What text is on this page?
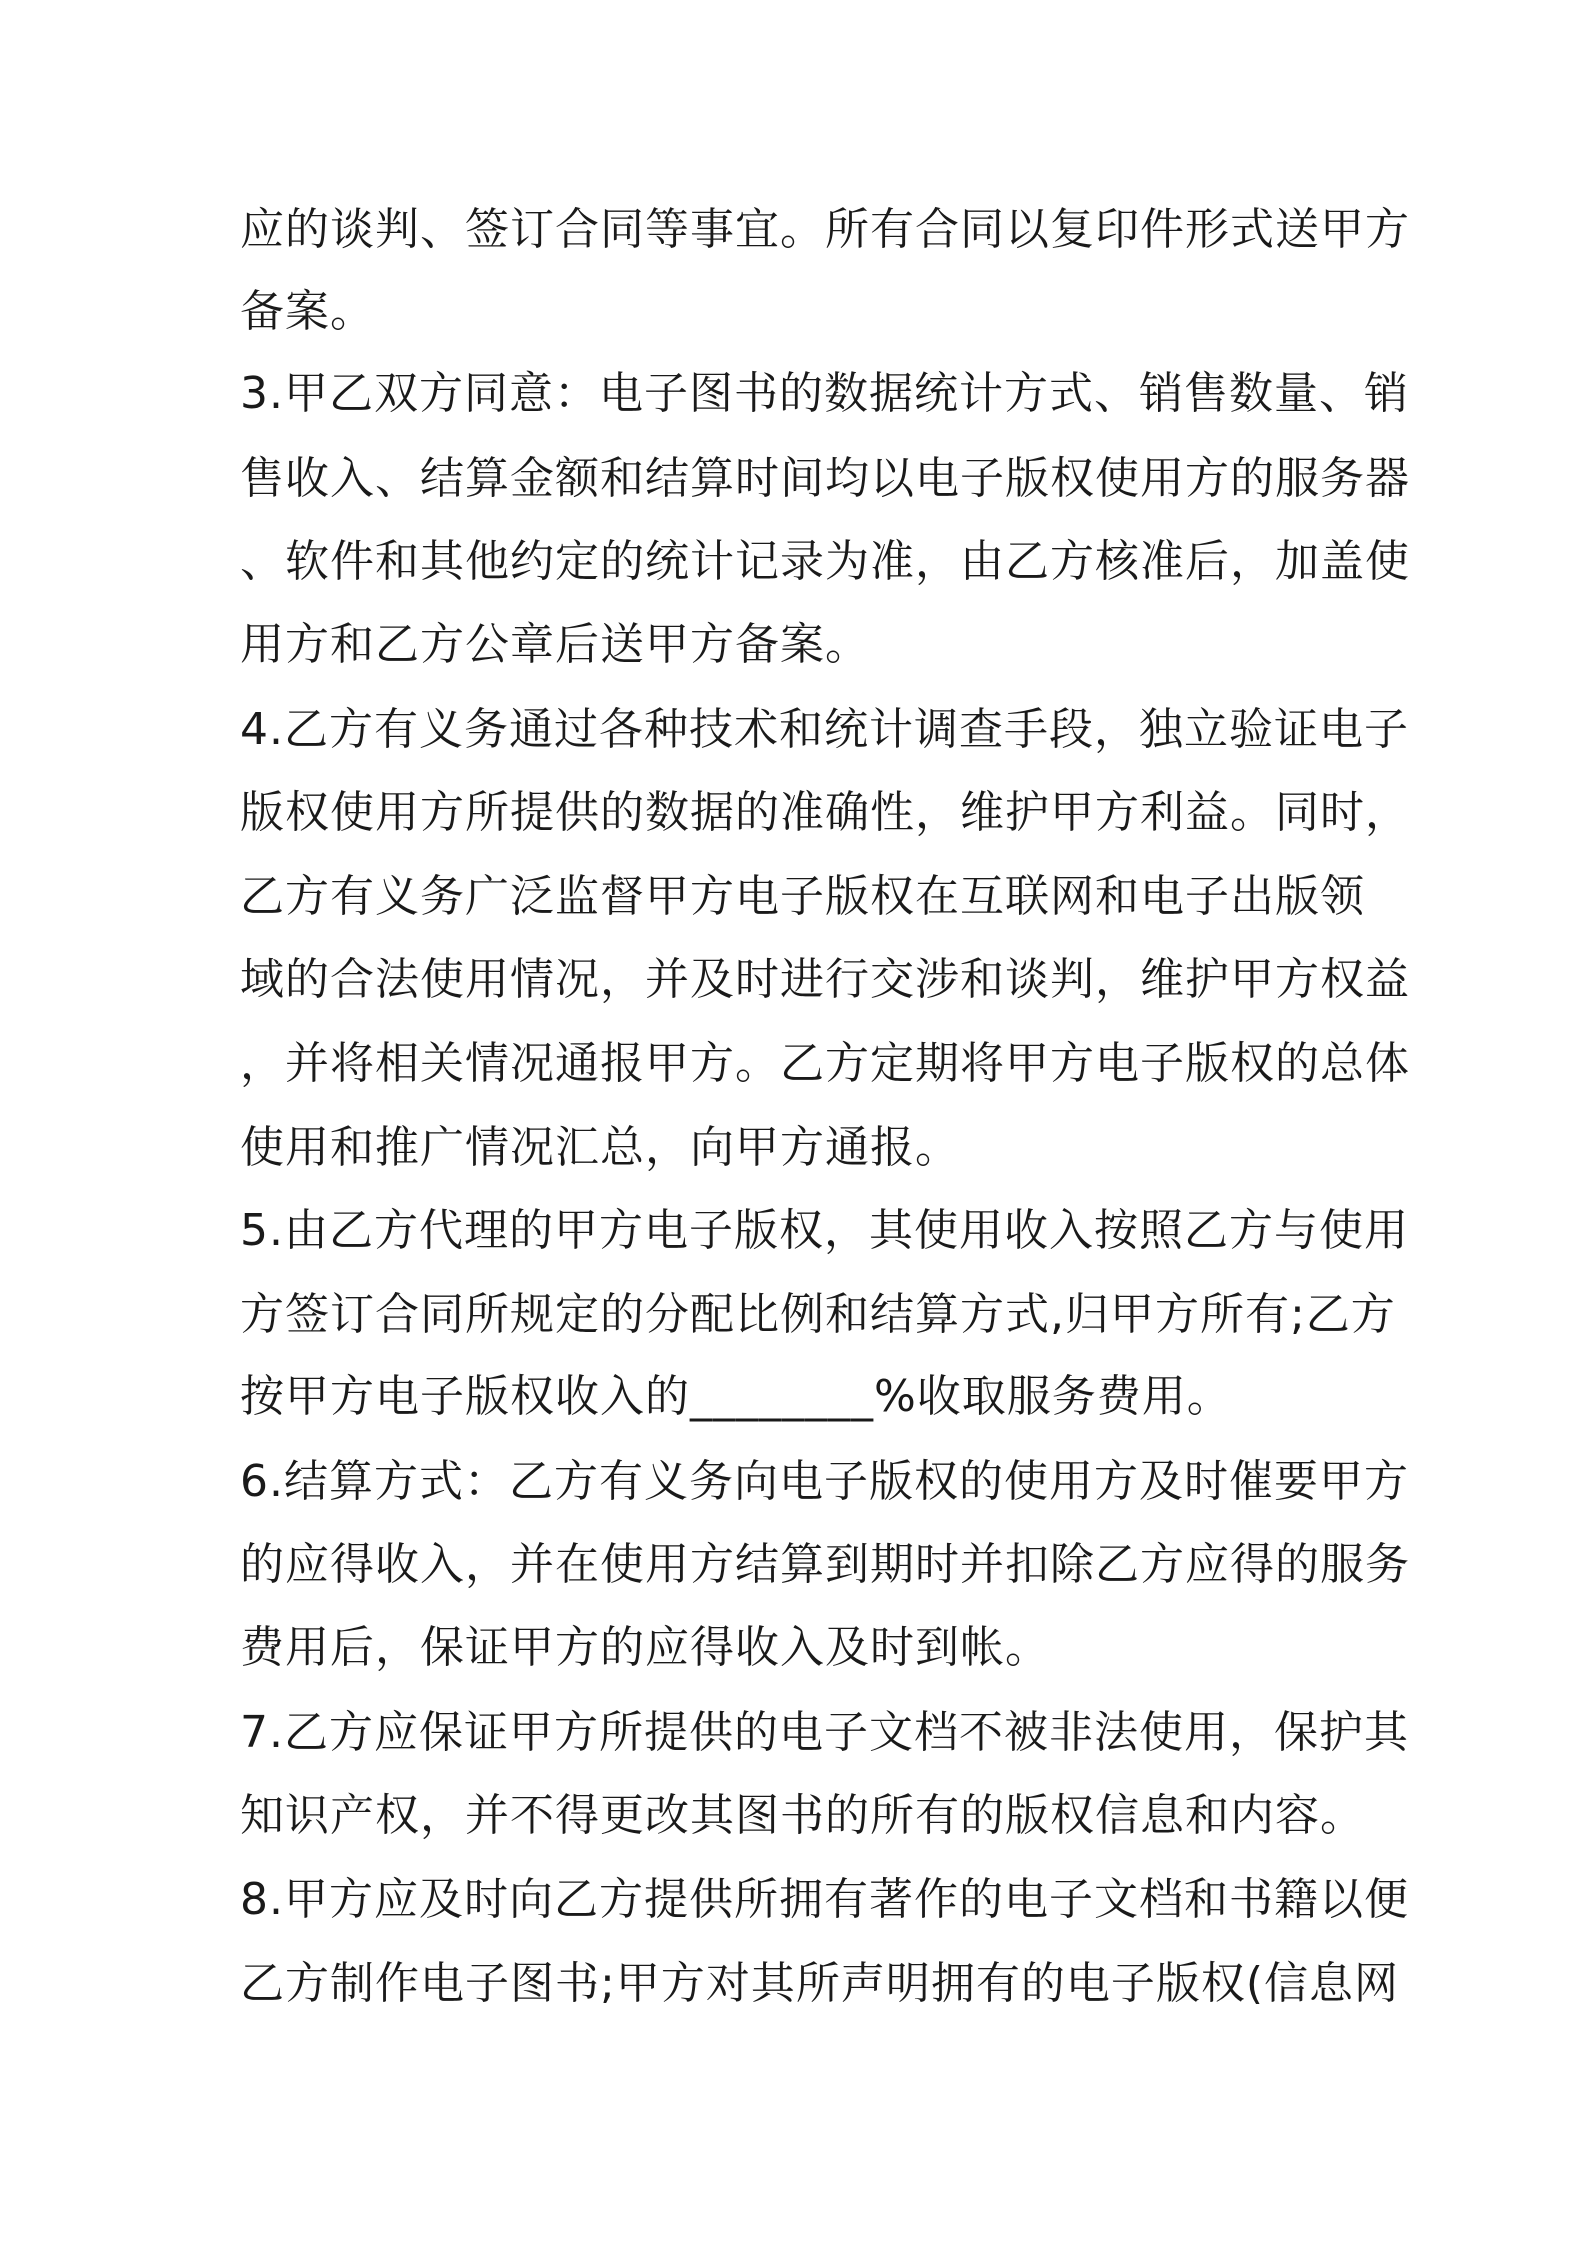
应的谈判、签订合同等事宜。所有合同以复印件形式送甲方
备案。
3.甲乙双方同意：电子图书的数据统计方式、销售数量、销
售收入、结算金额和结算时间均以电子版权使用方的服务器
、软件和其他约定的统计记录为准，由乙方核准后，加盖使
用方和乙方公章后送甲方备案。
4.乙方有义务通过各种技术和统计调查手段，独立验证电子
版权使用方所提供的数据的准确性，维护甲方利益。同时，
乙方有义务广泛监督甲方电子版权在互联网和电子出版领
域的合法使用情况，并及时进行交涉和谈判，维护甲方权益
，并将相关情况通报甲方。乙方定期将甲方电子版权的总体
使用和推广情况汇总，向甲方通报。
5.由乙方代理的甲方电子版权，其使用收入按照乙方与使用
方签订合同所规定的分配比例和结算方式,归甲方所有;乙方
按甲方电子版权收入的________%收取服务费用。
6.结算方式：乙方有义务向电子版权的使用方及时催要甲方
的应得收入，并在使用方结算到期时并扣除乙方应得的服务
费用后，保证甲方的应得收入及时到帐。
7.乙方应保证甲方所提供的电子文档不被非法使用，保护其
知识产权，并不得更改其图书的所有的版权信息和内容。
8.甲方应及时向乙方提供所拥有著作的电子文档和书籍以便
乙方制作电子图书;甲方对其所声明拥有的电子版权(信息网
